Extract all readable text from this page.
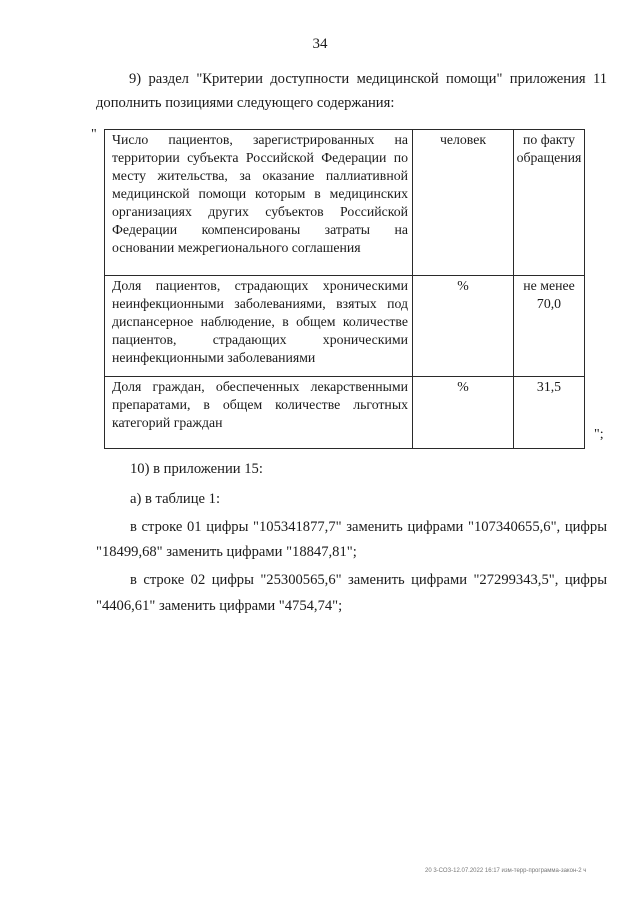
34
9) раздел "Критерии доступности медицинской помощи" приложения 11
дополнить позициями следующего содержания:
" Число пациентов, зарегистрированных на территории субъекта Российской Федерации по месту жительства, за оказание паллиативной медицинской помощи которым в медицинских организациях других субъектов Российской Федерации компенсированы затраты на основании межрегионального соглашения	человек	по факту обращения
Доля пациентов, страдающих хроническими неинфекционными заболеваниями, взятых под диспансерное наблюдение, в общем количестве пациентов, страдающих хроническими неинфекционными заболеваниями	%	не менее 70,0
Доля граждан, обеспеченных лекарственными препаратами, в общем количестве льготных категорий граждан	%	31,5
";
10) в приложении 15:
а) в таблице 1:
в строке 01 цифры "105341877,7" заменить цифрами "107340655,6", цифры
"18499,68" заменить цифрами "18847,81";
в строке 02 цифры "25300565,6" заменить цифрами "27299343,5", цифры
"4406,61" заменить цифрами "4754,74";
20 3-СОЗ-12.07.2022 16:17 изм-терр-программа-закон-2 ч
